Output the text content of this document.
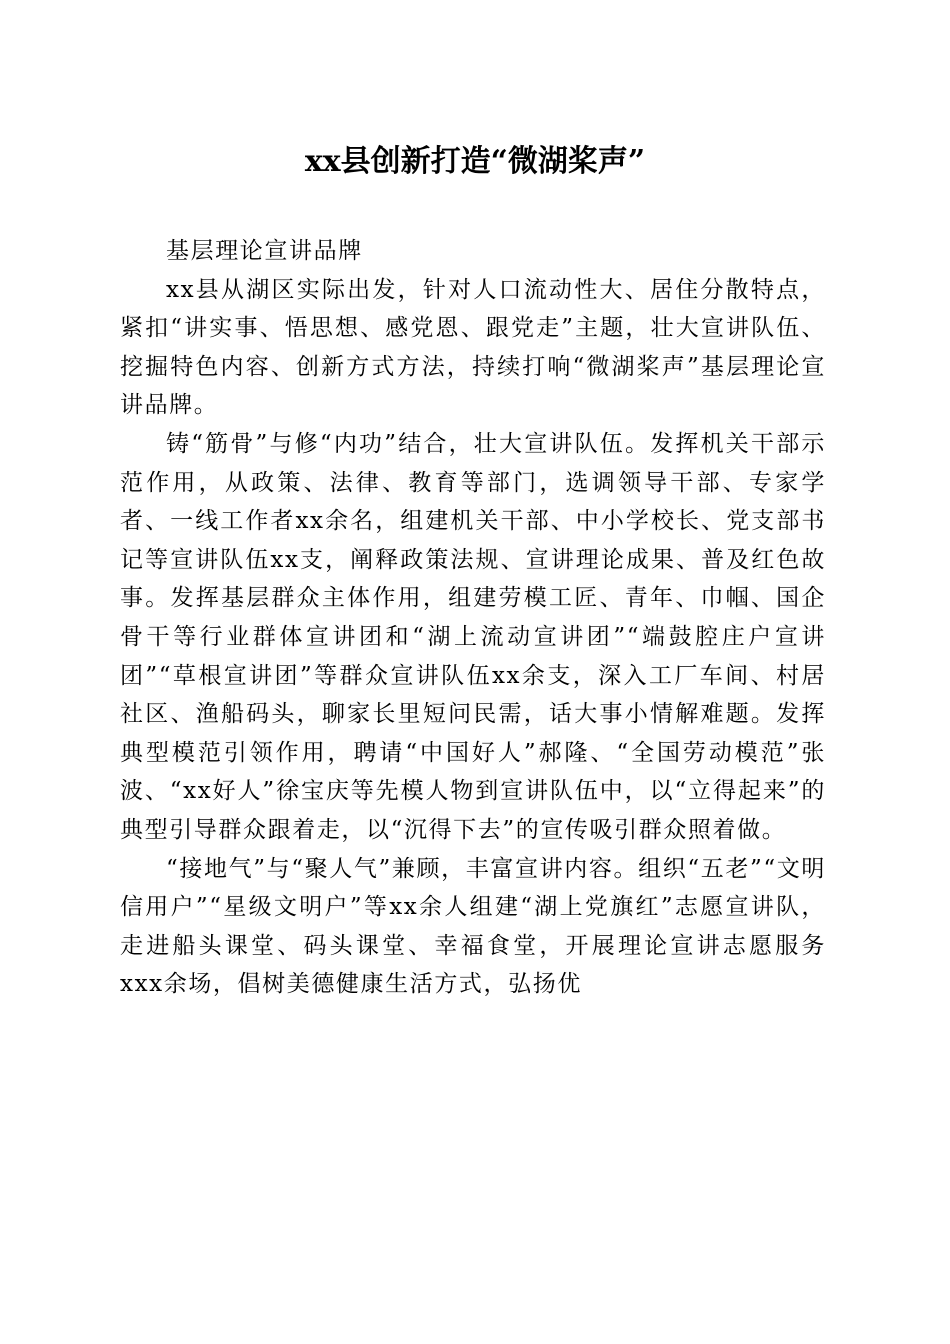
xx县创新打造“微湖桨声”

基层理论宣讲品牌

xx县从湖区实际出发，针对人口流动性大、居住分散特点，紧扣“讲实事、悟思想、感党恩、跟党走”主题，壮大宣讲队伍、挖掘特色内容、创新方式方法，持续打响“微湖桨声”基层理论宣讲品牌。

铸“筋骨”与修“内功”结合，壮大宣讲队伍。发挥机关干部示范作用，从政策、法律、教育等部门，选调领导干部、专家学者、一线工作者xx余名，组建机关干部、中小学校长、党支部书记等宣讲队伍xx支，阐释政策法规、宣讲理论成果、普及红色故事。发挥基层群众主体作用，组建劳模工匠、青年、巾帼、国企骨干等行业群体宣讲团和“湖上流动宣讲团”“端鼓腔庄户宣讲团”“草根宣讲团”等群众宣讲队伍xx余支，深入工厂车间、村居社区、渔船码头，聊家长里短问民需，话大事小情解难题。发挥典型模范引领作用，聘请“中国好人”郝隆、“全国劳动模范”张波、“xx好人”徐宝庆等先模人物到宣讲队伍中，以“立得起来”的典型引导群众跟着走，以“沉得下去”的宣传吸引群众照着做。

“接地气”与“聚人气”兼顾，丰富宣讲内容。组织“五老”“文明信用户”“星级文明户”等xx余人组建“湖上党旗红”志愿宣讲队，走进船头课堂、码头课堂、幸福食堂，开展理论宣讲志愿服务xxx余场，倡树美德健康生活方式，弘扬优
